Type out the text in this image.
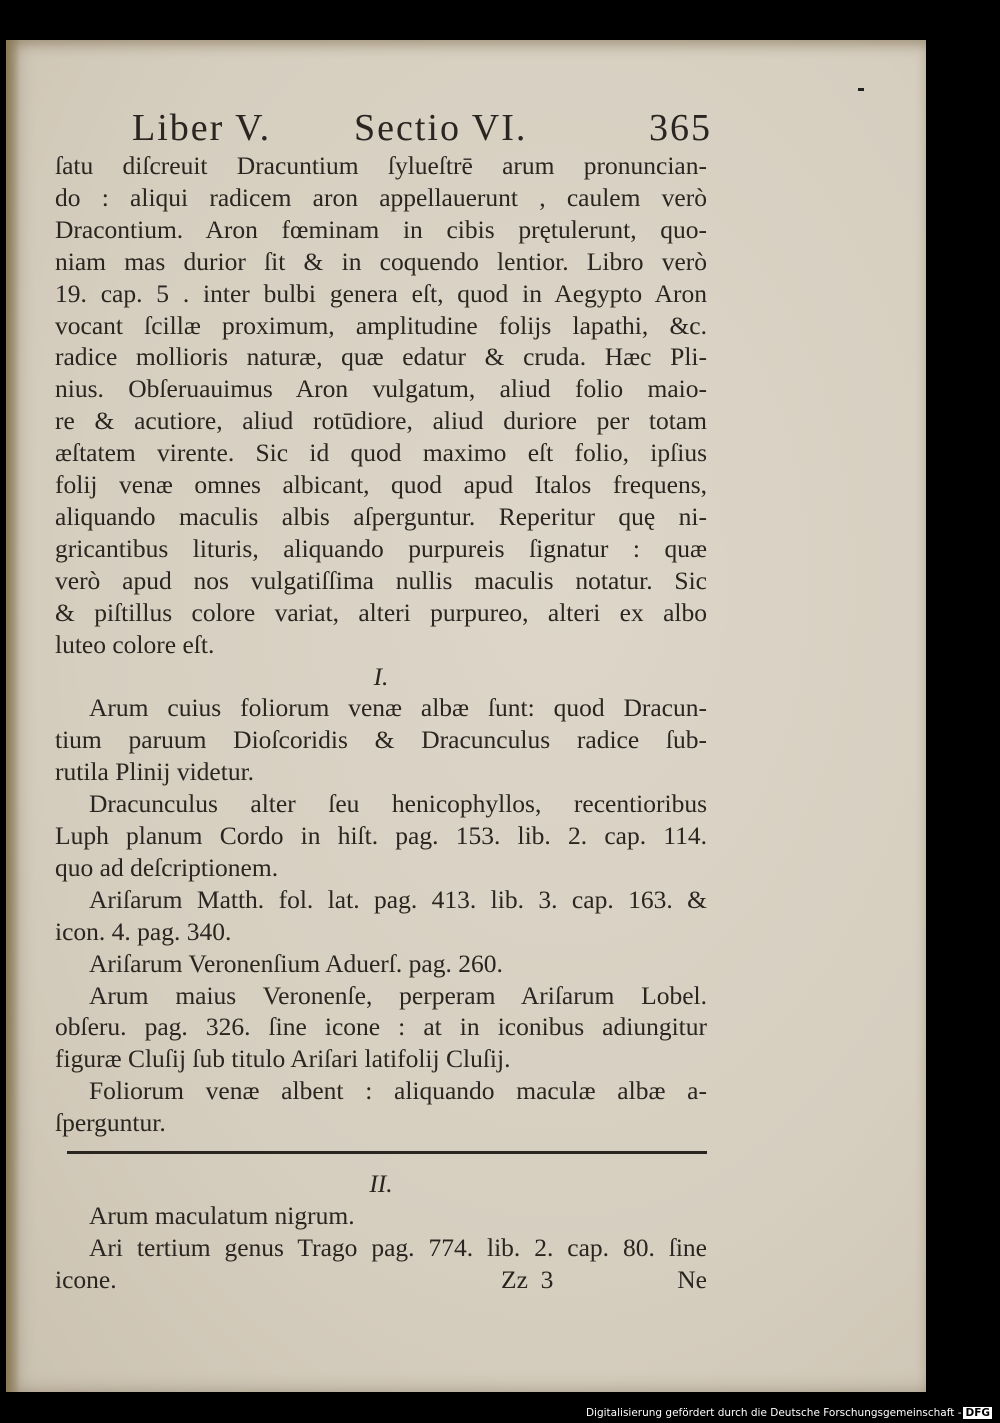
Liber V. Sectio VI.	365

ſatu diſcreuit Dracuntium ſylueſtrē arum pronuncian-

do : aliqui radicem aron appellauerunt , caulem verò

Dracontium. Aron fœminam in cibis prętulerunt, quo-

niam mas durior ſit & in coquendo lentior. Libro verò

19. cap. 5 . inter bulbi genera eſt, quod in Aegypto Aron

vocant ſcillæ proximum, amplitudine folijs lapathi, &c.

radice mollioris naturæ, quæ edatur & cruda. Hæc Pli-

nius. Obſeruauimus Aron vulgatum, aliud folio maio-

re & acutiore, aliud rotūdiore, aliud duriore per totam

æſtatem virente. Sic id quod maximo eſt folio, ipſius

folij venæ omnes albicant, quod apud Italos frequens,

aliquando maculis albis aſperguntur. Reperitur quę ni-

gricantibus lituris, aliquando purpureis ſignatur : quæ

verò apud nos vulgatiſſima nullis maculis notatur. Sic

& piſtillus colore variat, alteri purpureo, alteri ex albo

luteo colore eſt.

I.

Arum cuius foliorum venæ albæ ſunt: quod Dracun-

tium paruum Dioſcoridis & Dracunculus radice ſub-

rutila Plinij videtur.

Dracunculus alter ſeu henicophyllos, recentioribus

Luph planum Cordo in hiſt. pag. 153. lib. 2. cap. 114.

quo ad deſcriptionem.

Ariſarum Matth. fol. lat. pag. 413. lib. 3. cap. 163. &

icon. 4. pag. 340.

Ariſarum Veronenſium Aduerſ. pag. 260.

Arum maius Veronenſe, perperam Ariſarum Lobel.

obſeru. pag. 326. ſine icone : at in iconibus adiungitur

figuræ Cluſij ſub titulo Ariſari latifolij Cluſij.

Foliorum venæ albent : aliquando maculæ albæ a-

ſperguntur.

II.

Arum maculatum nigrum.

Ari tertium genus Trago pag. 774. lib. 2. cap. 80. ſine

icone.	Zz  3	Ne
Digitalisierung gefördert durch die Deutsche Forschungsgemeinschaft - DFG
